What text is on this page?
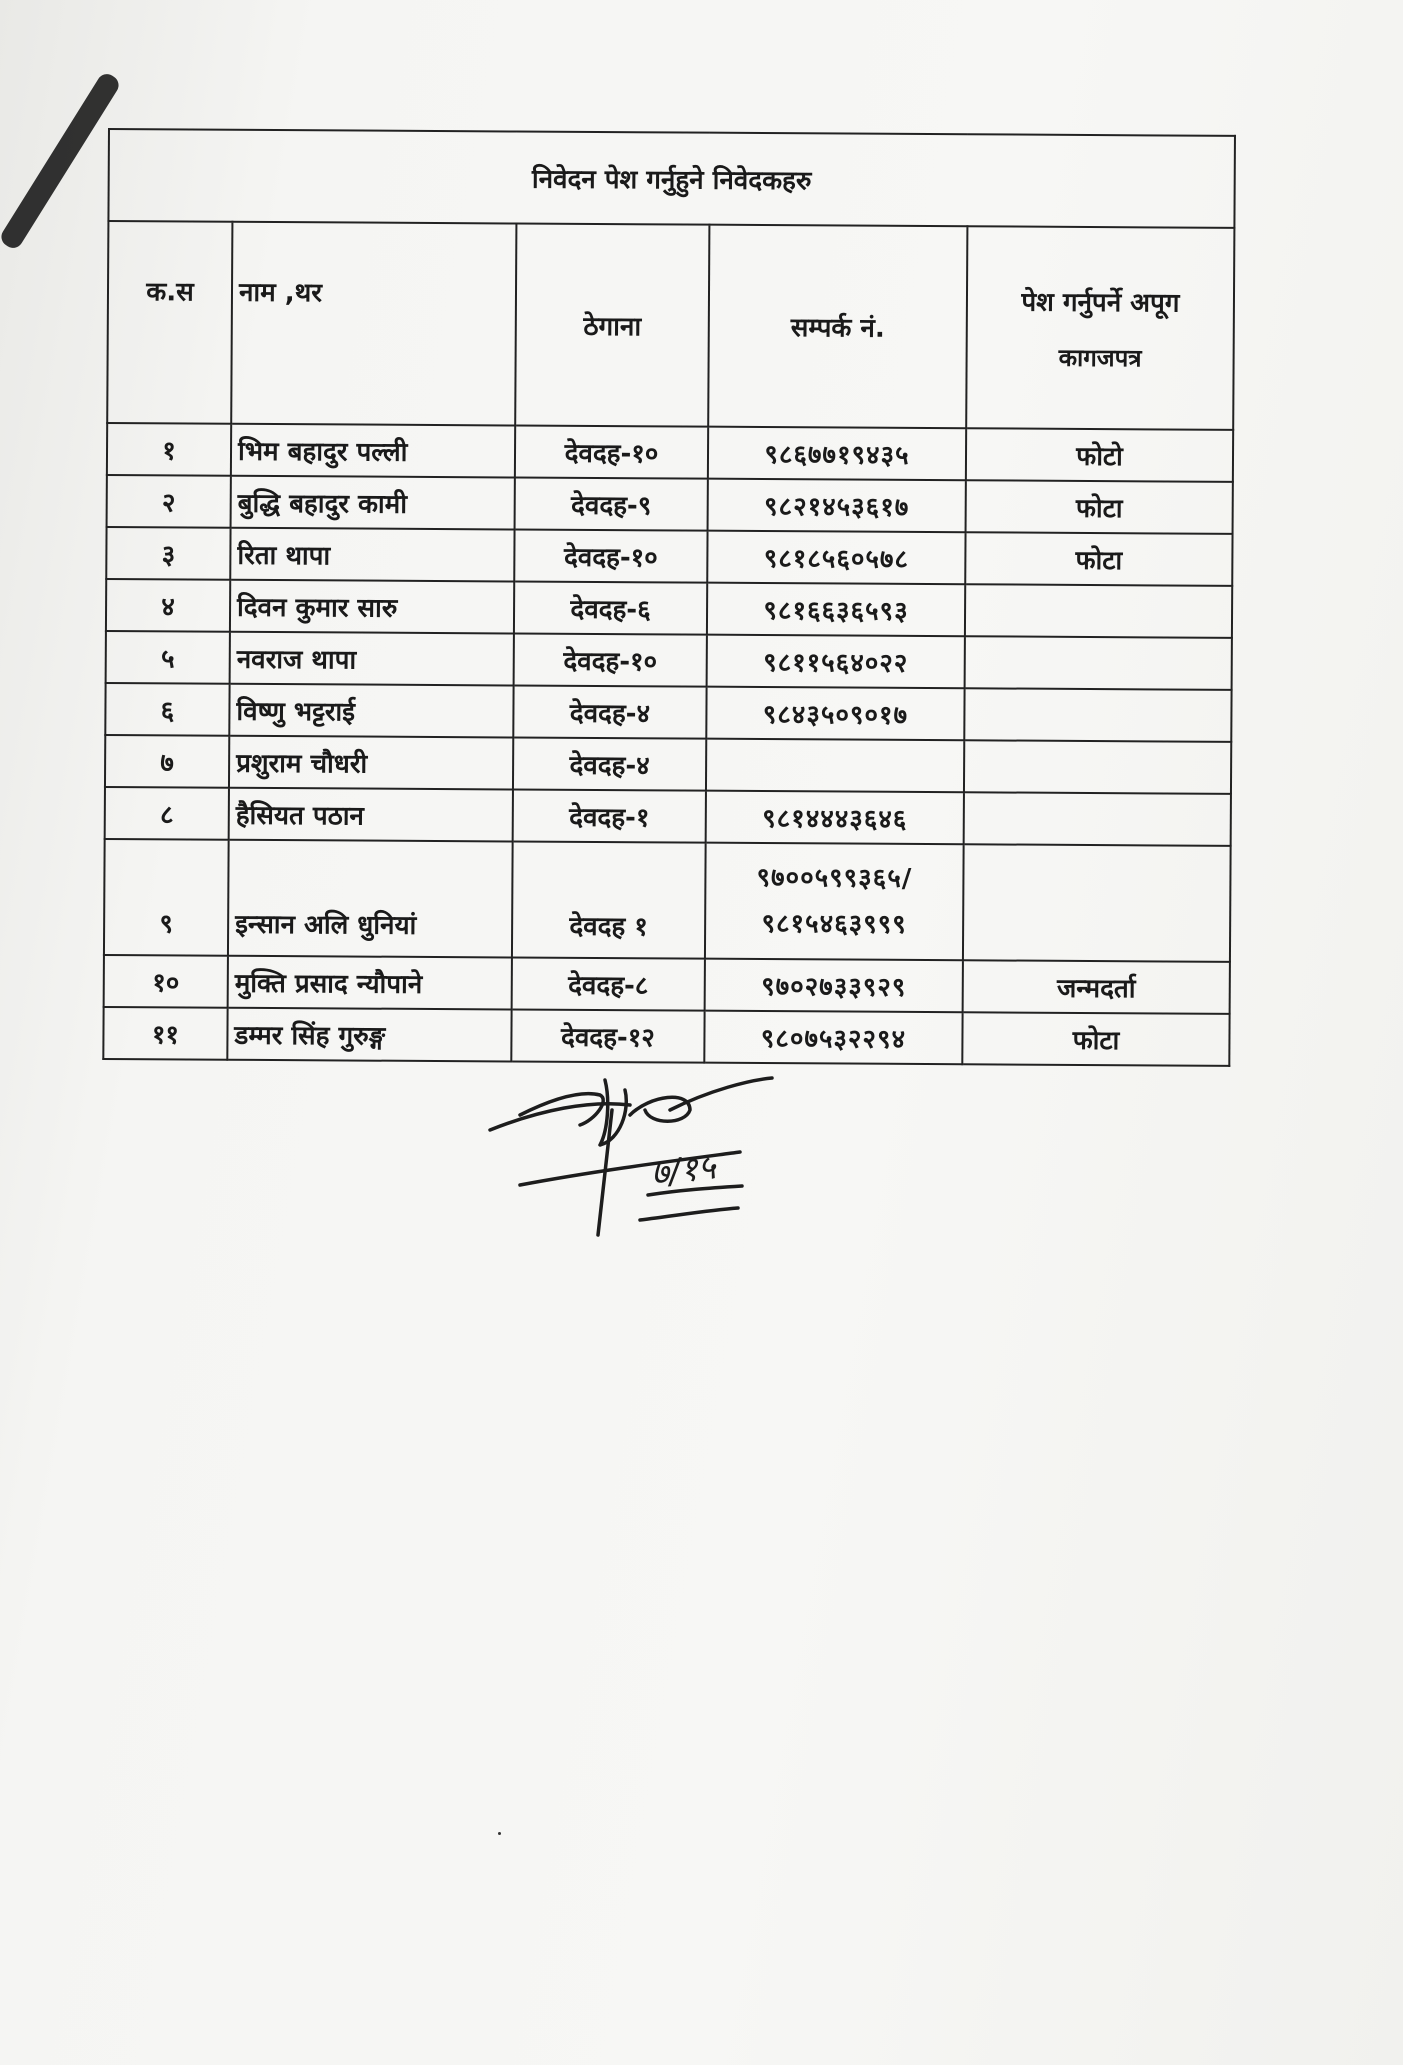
निवेदन पेश गर्नुहुने निवेदकहरु				
क.स	नाम ,थर	ठेगाना	सम्पर्क नं.	पेश गर्नुपर्ने अपूग
कागजपत्र

१	भिम बहादुर पल्ली	देवदह-१०	९८६७७१९४३५	फोटो
२	बुद्धि बहादुर कामी	देवदह-९	९८२१४५३६१७	फोटा
३	रिता थापा	देवदह-१०	९८१८५६०५७८	फोटा
४	दिवन कुमार सारु	देवदह-६	९८१६६३६५९३	
५	नवराज थापा	देवदह-१०	९८११५६४०२२	
६	विष्णु भट्टराई	देवदह-४	९८४३५०९०१७	
७	प्रशुराम चौधरी	देवदह-४		
८	हैसियत पठान	देवदह-१	९८१४४४३६४६	
९	इन्सान अलि धुनियां	देवदह १	९७००५९९३६५/
९८१५४६३९९९	

१०	मुक्ति प्रसाद न्यौपाने	देवदह-८	९७०२७३३९२९	जन्मदर्ता
११	डम्मर सिंह गुरुङ्ग	देवदह-१२	९८०७५३२२९४	फोटा
७/१५
